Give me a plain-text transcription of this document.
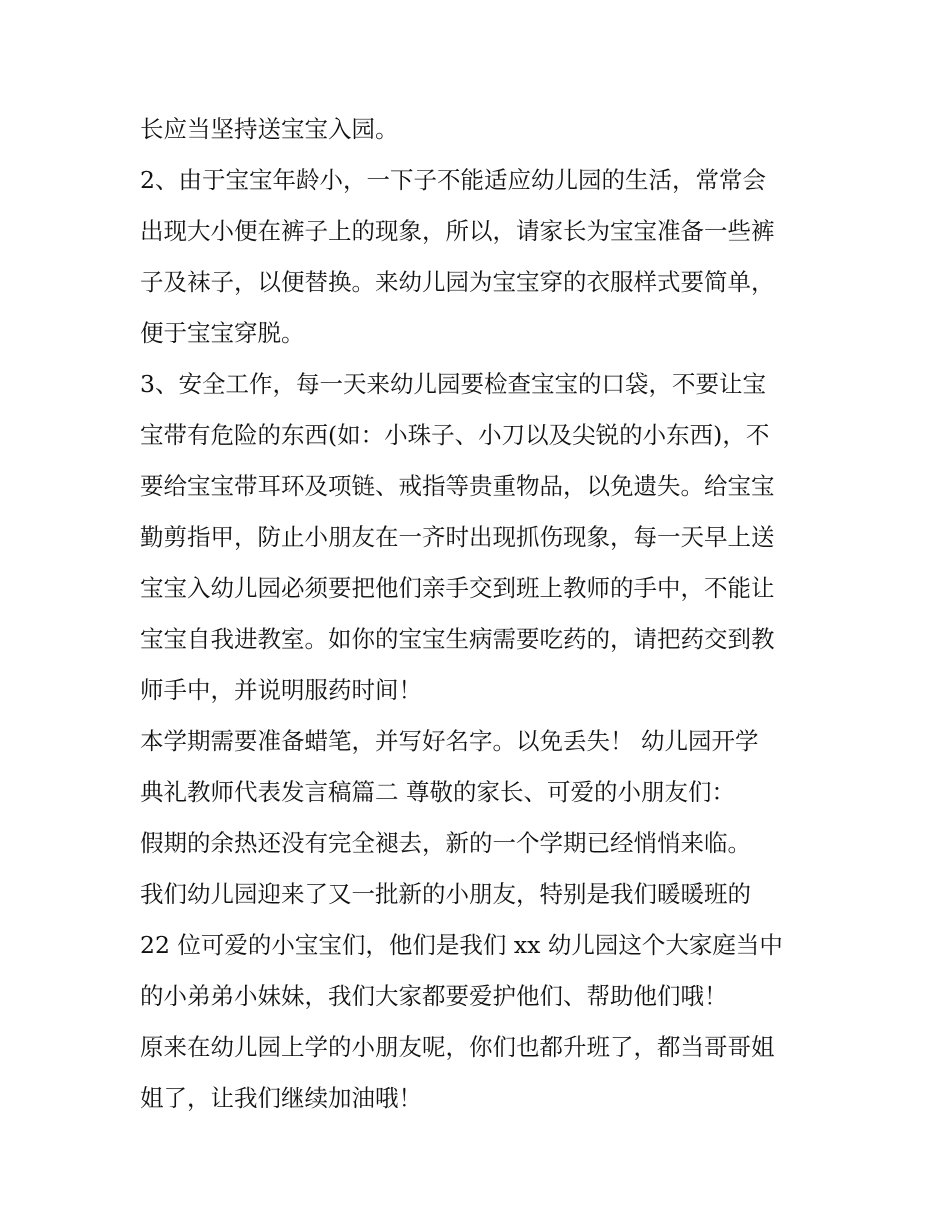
长应当坚持送宝宝入园。
2、由于宝宝年龄小，一下子不能适应幼儿园的生活，常常会
出现大小便在裤子上的现象，所以，请家长为宝宝准备一些裤
子及袜子，以便替换。来幼儿园为宝宝穿的衣服样式要简单，
便于宝宝穿脱。
3、安全工作，每一天来幼儿园要检查宝宝的口袋，不要让宝
宝带有危险的东西(如：小珠子、小刀以及尖锐的小东西)，不
要给宝宝带耳环及项链、戒指等贵重物品，以免遗失。给宝宝
勤剪指甲，防止小朋友在一齐时出现抓伤现象，每一天早上送
宝宝入幼儿园必须要把他们亲手交到班上教师的手中，不能让
宝宝自我进教室。如你的宝宝生病需要吃药的，请把药交到教
师手中，并说明服药时间！
本学期需要准备蜡笔，并写好名字。以免丢失！ 幼儿园开学
典礼教师代表发言稿篇二 尊敬的家长、可爱的小朋友们：
假期的余热还没有完全褪去，新的一个学期已经悄悄来临。
我们幼儿园迎来了又一批新的小朋友，特别是我们暖暖班的
22 位可爱的小宝宝们，他们是我们 xx 幼儿园这个大家庭当中
的小弟弟小妹妹，我们大家都要爱护他们、帮助他们哦！
原来在幼儿园上学的小朋友呢，你们也都升班了，都当哥哥姐
姐了，让我们继续加油哦！
